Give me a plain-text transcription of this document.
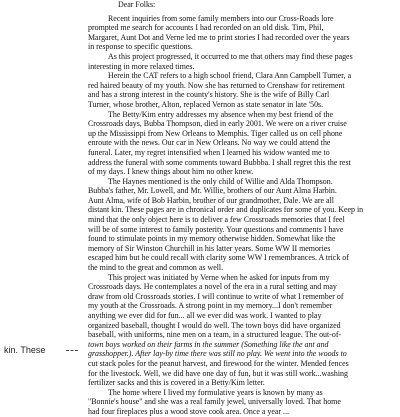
Dear Folks:
Recent inquiries from some family members into our Cross-Roads lore
prompted me search for accounts I had recorded on an old disk. Tim, Phil,
Margaret, Aunt Dot and Verne led me to print stories I had recorded over the years
in response to specific questions.
As this project progressed, it occurred to me that others may find these pages
interesting in more relaxed times.
Herein the CAT refers to a high school friend, Clara Ann Campbell Turner, a
red haired beauty of my youth. Now she has returned to Crenshaw for retirement
and has a strong interest in the county's history. She is the wife of Billy Carl
Turner, whose brother, Alton, replaced Vernon as state senator in late '50s.
The Betty/Kim entry addresses my absence when my best friend of the
Crossroads days, Bubba Thompson, died in early 2001. We were on a river cruise
up the Mississippi from New Orleans to Memphis. Tiger called us on cell phone
enroute with the news. Our car in New Orleans. No way we could attend the
funeral. Later, my regret intensified when I learned his widow wanted me to
address the funeral with some comments toward Bubbba. I shall regret this the rest
of my days. I knew things about him no other knew.
The Haynes mentioned is the only child of Willie and Alda Thompson.
Bubba's father, Mr. Lowell, and Mr. Willie, brothers of our Aunt Alma Harbin.
Aunt Alma, wife of Bob Harbin, brother of our grandmother, Dale. We are all
distant kin. These pages are in chronical order and duplicates for some of you. Keep in
mind that the only object here is to deliver a few Crossroads memories that I feel
will be of some interest to family posterity. Your questions and comments I have
found to stimulate points in my memory otherwise hidden. Somewhat like the
memory of Sir Winston Churchill in his latter years. Some WW II memories
escaped him but he could recall with clarity some WW I remembrances. A trick of
the mind to the great and common as well.
This project was initiated by Verne when he asked for inputs from my
Crossroads days. He contemplates a novel of the era in a rural setting and may
draw from old Crossroads stories. I will continue to write of what I remember of
my youth at the Crossroads. A strong point in my memory...I don't remember
anything we ever did for fun... all we ever did was work. I wanted to play
organized baseball, thought I would do well. The town boys did have organized
baseball, with uniforms, nine men on a team, in a structured league. The out-of-
town boys worked on their farms in the summer (Something like the ant and
grasshopper.). After lay-by time there was still no play. We went into the woods to
cut stack poles for the peanut harvest, and firewood for the winter. Mended fences
for the livestock. Well, we did have one day of fun, but it was still work...washing
fertilizer sacks and this is covered in a Betty/Kim letter.
The home where I lived my formulative years is known by many as
"Bonnie's house" and she was a real family jewel, universally loved. That home
had four fireplaces plus a wood stove cook area. Once a year ...
kin. These
